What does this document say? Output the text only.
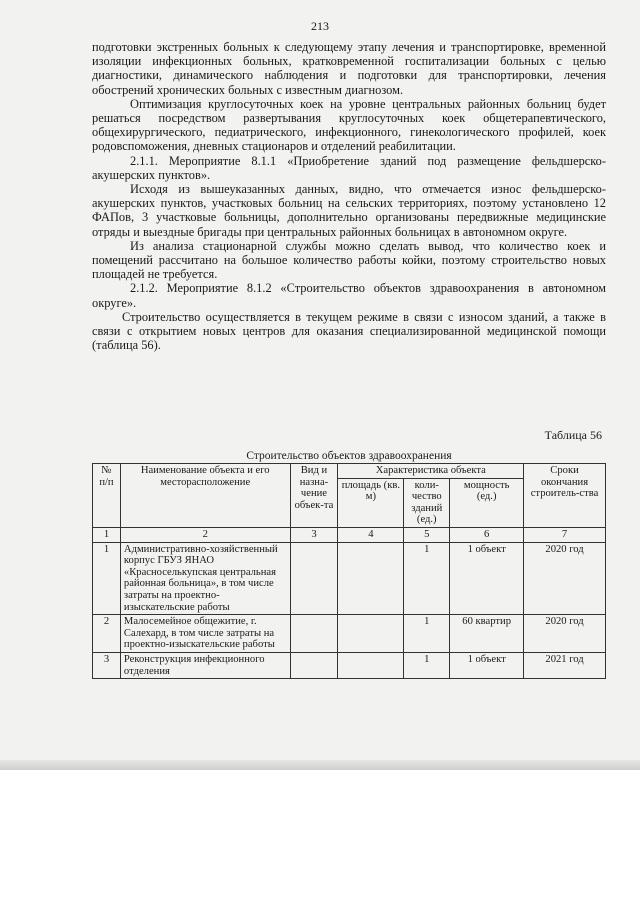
213

подготовки экстренных больных к следующему этапу лечения и транспортировке, временной изоляции инфекционных больных, кратковременной госпитализации больных с целью диагностики, динамического наблюдения и подготовки для транспортировки, лечения обострений хронических больных с известным диагнозом.

Оптимизация круглосуточных коек на уровне центральных районных больниц будет решаться посредством развертывания круглосуточных коек общетерапевтического, общехирургического, педиатрического, инфекционного, гинекологического профилей, коек родовспоможения, дневных стационаров и отделений реабилитации.

2.1.1. Мероприятие 8.1.1 «Приобретение зданий под размещение фельдшерско-акушерских пунктов».

Исходя из вышеуказанных данных, видно, что отмечается износ фельдшерско-акушерских пунктов, участковых больниц на сельских территориях, поэтому установлено 12 ФАПов, 3 участковые больницы, дополнительно организованы передвижные медицинские отряды и выездные бригады при центральных районных больницах в автономном округе.

Из анализа стационарной службы можно сделать вывод, что количество коек и помещений рассчитано на большое количество работы койки, поэтому строительство новых площадей не требуется.

2.1.2. Мероприятие 8.1.2 «Строительство объектов здравоохранения в автономном округе».

Строительство осуществляется в текущем режиме в связи с износом зданий, а также в связи с открытием новых центров для оказания специализированной медицинской помощи (таблица 56).

Таблица 56
Строительство объектов здравоохранения
№ п/п	Наименование объекта и его месторасположение	Вид и назна-чение объек-та	Характеристика объекта			Сроки окончания строитель-ства
			площадь (кв. м)	коли-чество зданий (ед.)	мощность (ед.)	
1	2	3	4	5	6	7
1	Административно-хозяйственный корпус ГБУЗ ЯНАО «Красноселькупская центральная районная больница», в том числе затраты на проектно-изыскательские работы			1	1 объект	2020 год
2	Малосемейное общежитие, г. Салехард, в том числе затраты на проектно-изыскательские работы			1	60 квартир	2020 год
3	Реконструкция инфекционного отделения			1	1 объект	2021 год
